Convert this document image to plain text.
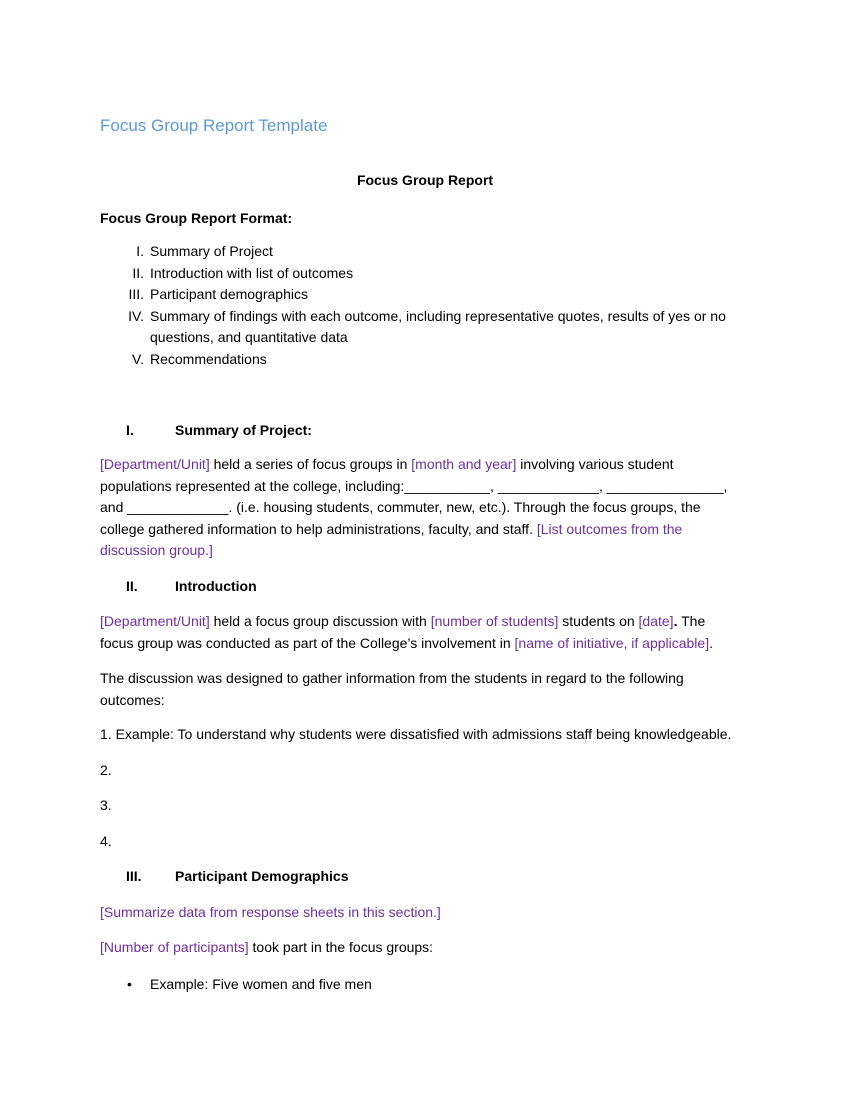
Focus Group Report Template

Focus Group Report

Focus Group Report Format:

I. Summary of Project
II. Introduction with list of outcomes
III. Participant demographics
IV. Summary of findings with each outcome, including representative quotes, results of yes or no questions, and quantitative data
V. Recommendations
I.	Summary of Project:

[Department/Unit] held a series of focus groups in [month and year] involving various student populations represented at the college, including:___________, _____________, _______________, and _____________. (i.e. housing students, commuter, new, etc.). Through the focus groups, the college gathered information to help administrations, faculty, and staff. [List outcomes from the discussion group.]

II.	Introduction

[Department/Unit] held a focus group discussion with [number of students] students on [date]. The focus group was conducted as part of the College’s involvement in [name of initiative, if applicable].

The discussion was designed to gather information from the students in regard to the following outcomes:

1. Example: To understand why students were dissatisfied with admissions staff being knowledgeable.

2.

3.

4.

III. Participant Demographics

[Summarize data from response sheets in this section.]

[Number of participants] took part in the focus groups:

• Example: Five women and five men
